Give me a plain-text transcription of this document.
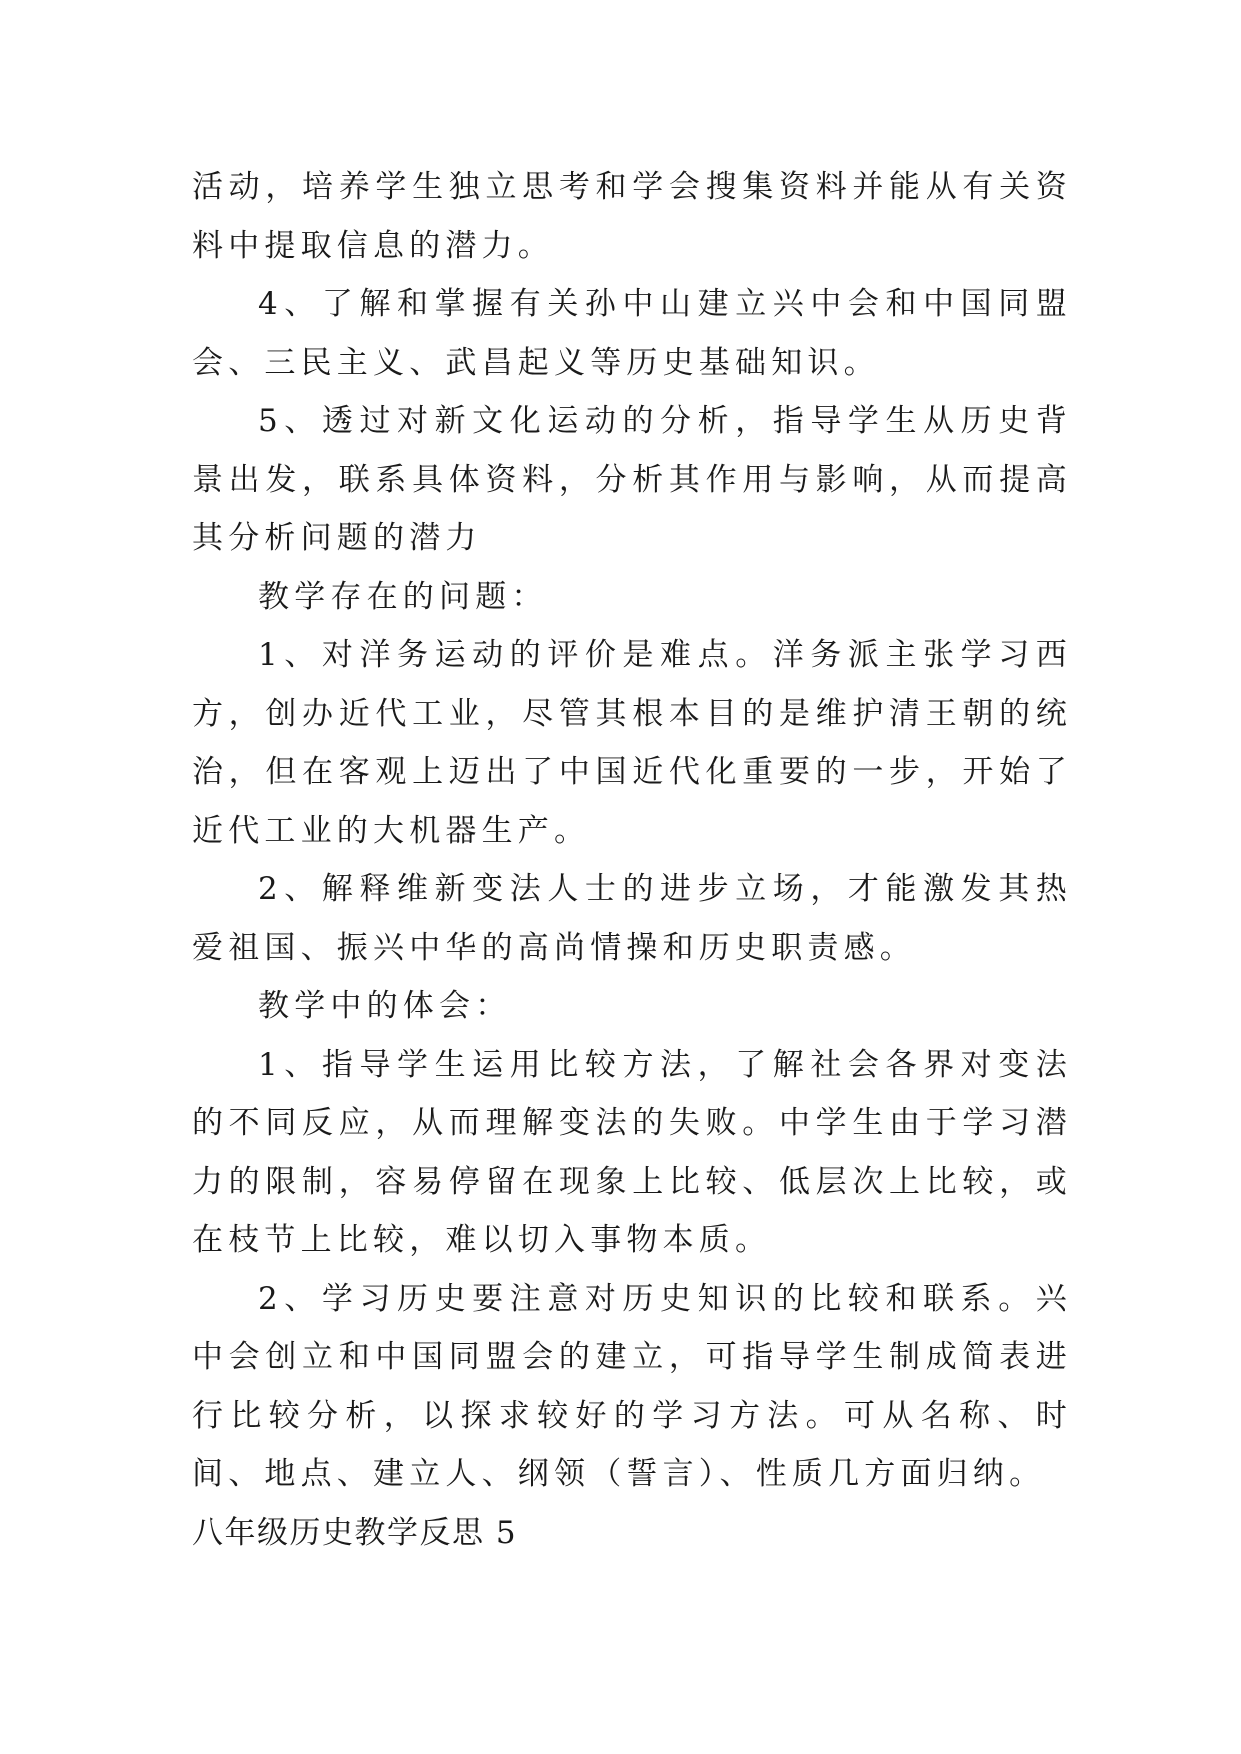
活动，培养学生独立思考和学会搜集资料并能从有关资料中提取信息的潜力。

4、了解和掌握有关孙中山建立兴中会和中国同盟会、三民主义、武昌起义等历史基础知识。

5、透过对新文化运动的分析，指导学生从历史背景出发，联系具体资料，分析其作用与影响，从而提高其分析问题的潜力

教学存在的问题：

1、对洋务运动的评价是难点。洋务派主张学习西方，创办近代工业，尽管其根本目的是维护清王朝的统治，但在客观上迈出了中国近代化重要的一步，开始了近代工业的大机器生产。

2、解释维新变法人士的进步立场，才能激发其热爱祖国、振兴中华的高尚情操和历史职责感。

教学中的体会：

1、指导学生运用比较方法，了解社会各界对变法的不同反应，从而理解变法的失败。中学生由于学习潜力的限制，容易停留在现象上比较、低层次上比较，或在枝节上比较，难以切入事物本质。

2、学习历史要注意对历史知识的比较和联系。兴中会创立和中国同盟会的建立，可指导学生制成简表进行比较分析，以探求较好的学习方法。可从名称、时间、地点、建立人、纲领（誓言）、性质几方面归纳。

八年级历史教学反思 5
